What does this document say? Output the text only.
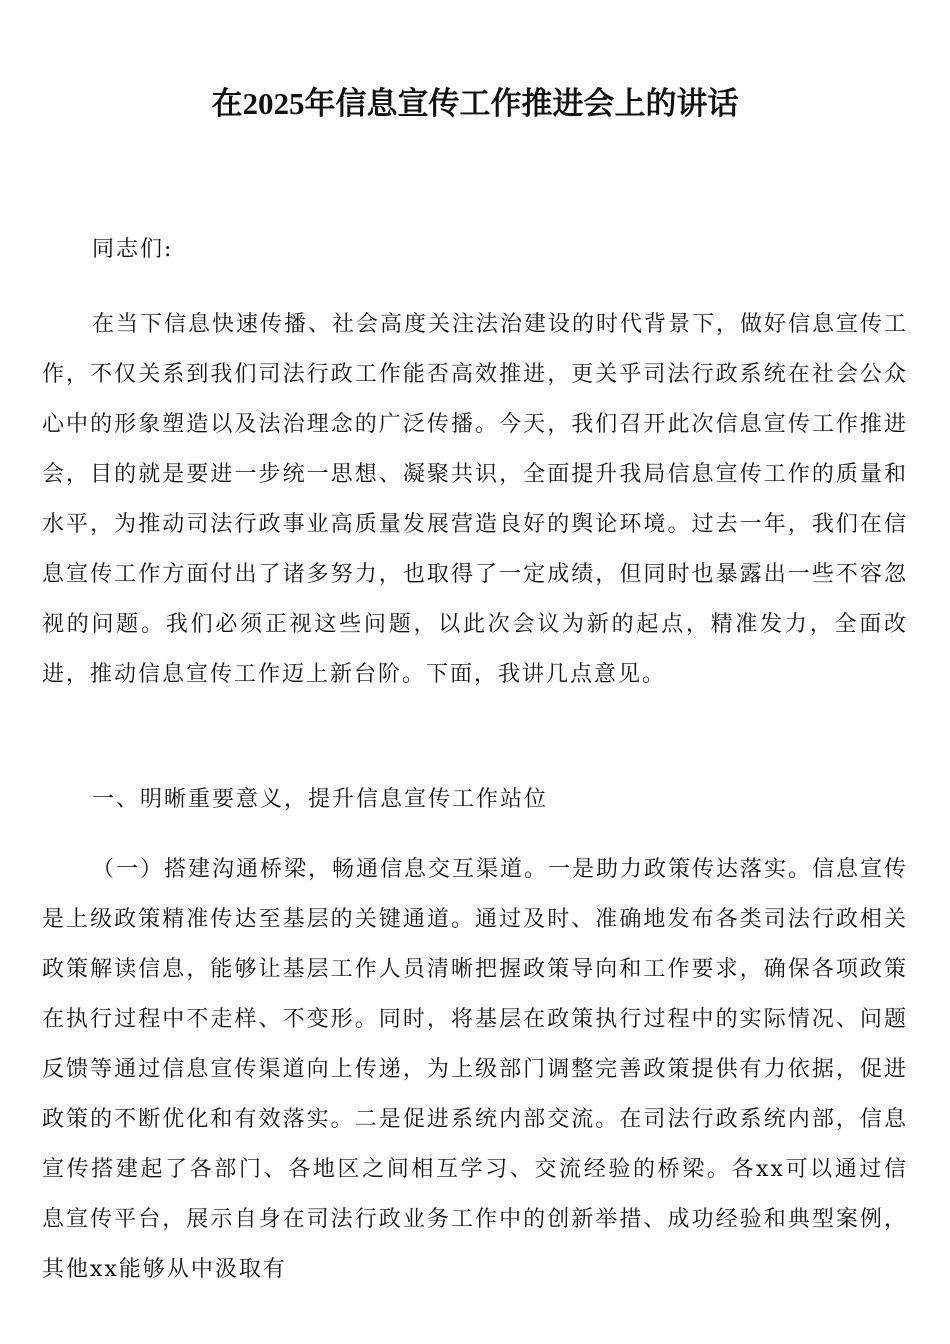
在2025年信息宣传工作推进会上的讲话

同志们:

在当下信息快速传播、社会高度关注法治建设的时代背景下，做好信息宣传工作，不仅关系到我们司法行政工作能否高效推进，更关乎司法行政系统在社会公众心中的形象塑造以及法治理念的广泛传播。今天，我们召开此次信息宣传工作推进会，目的就是要进一步统一思想、凝聚共识，全面提升我局信息宣传工作的质量和水平，为推动司法行政事业高质量发展营造良好的舆论环境。过去一年，我们在信息宣传工作方面付出了诸多努力，也取得了一定成绩，但同时也暴露出一些不容忽视的问题。我们必须正视这些问题，以此次会议为新的起点，精准发力，全面改进，推动信息宣传工作迈上新台阶。下面，我讲几点意见。

一、明晰重要意义，提升信息宣传工作站位

（一）搭建沟通桥梁，畅通信息交互渠道。一是助力政策传达落实。信息宣传是上级政策精准传达至基层的关键通道。通过及时、准确地发布各类司法行政相关政策解读信息，能够让基层工作人员清晰把握政策导向和工作要求，确保各项政策在执行过程中不走样、不变形。同时，将基层在政策执行过程中的实际情况、问题反馈等通过信息宣传渠道向上传递，为上级部门调整完善政策提供有力依据，促进政策的不断优化和有效落实。二是促进系统内部交流。在司法行政系统内部，信息宣传搭建起了各部门、各地区之间相互学习、交流经验的桥梁。各xx可以通过信息宣传平台，展示自身在司法行政业务工作中的创新举措、成功经验和典型案例，其他xx能够从中汲取有
